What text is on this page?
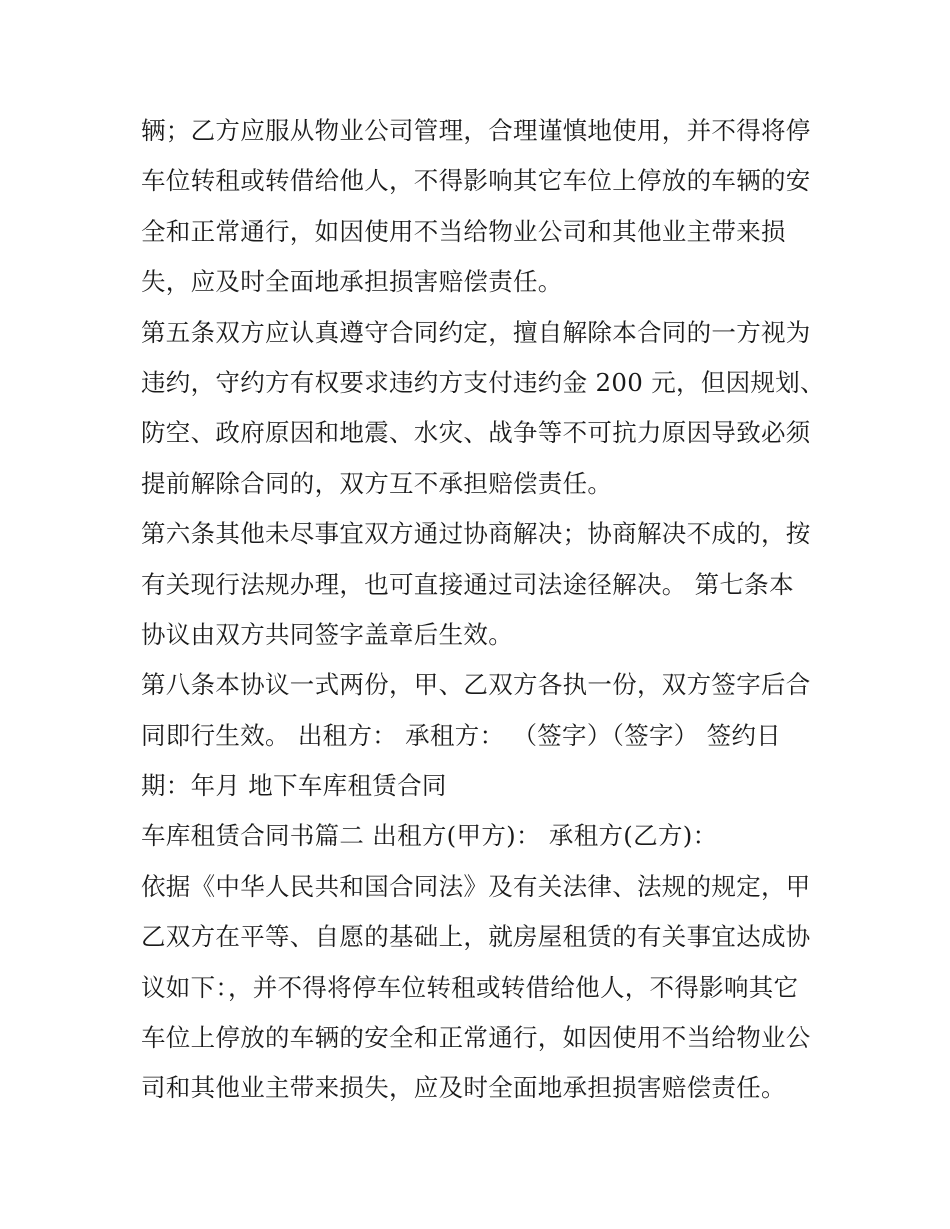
辆；乙方应服从物业公司管理，合理谨慎地使用，并不得将停
车位转租或转借给他人，不得影响其它车位上停放的车辆的安
全和正常通行，如因使用不当给物业公司和其他业主带来损
失，应及时全面地承担损害赔偿责任。
第五条双方应认真遵守合同约定，擅自解除本合同的一方视为
违约，守约方有权要求违约方支付违约金 200 元，但因规划、
防空、政府原因和地震、水灾、战争等不可抗力原因导致必须
提前解除合同的，双方互不承担赔偿责任。
第六条其他未尽事宜双方通过协商解决；协商解决不成的，按
有关现行法规办理，也可直接通过司法途径解决。 第七条本
协议由双方共同签字盖章后生效。
第八条本协议一式两份，甲、乙双方各执一份，双方签字后合
同即行生效。 出租方： 承租方： （签字）（签字） 签约日
期：年月 地下车库租赁合同
车库租赁合同书篇二 出租方(甲方)： 承租方(乙方)：
依据《中华人民共和国合同法》及有关法律、法规的规定，甲
乙双方在平等、自愿的基础上，就房屋租赁的有关事宜达成协
议如下：，并不得将停车位转租或转借给他人，不得影响其它
车位上停放的车辆的安全和正常通行，如因使用不当给物业公
司和其他业主带来损失，应及时全面地承担损害赔偿责任。
